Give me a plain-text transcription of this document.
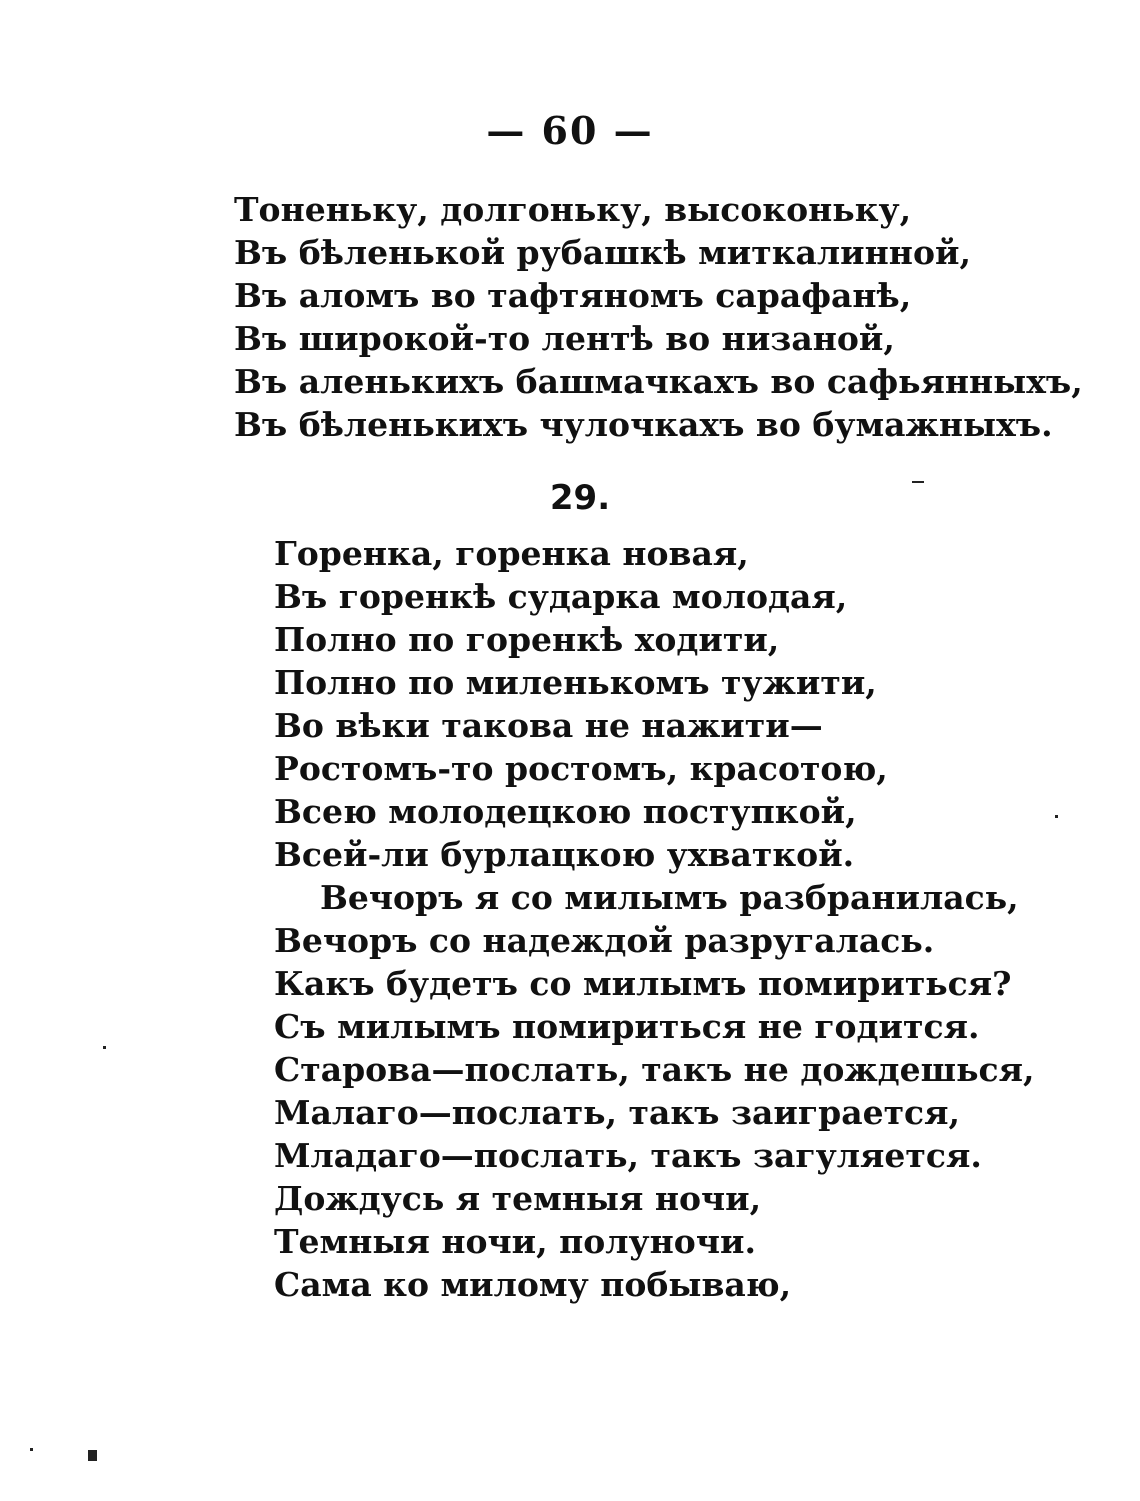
— 60 —
Тоненьку, долгоньку, высоконьку,
Въ бѣленькой рубашкѣ миткалинной,
Въ аломъ во тафтяномъ сарафанѣ,
Въ широкой-то лентѣ во низаной,
Въ аленькихъ башмачкахъ во сафьянныхъ,
Въ бѣленькихъ чулочкахъ во бумажныхъ.
29.
Горенка, горенка новая,
Въ горенкѣ сударка молодая,
Полно по горенкѣ ходити,
Полно по миленькомъ тужити,
Во вѣки такова не нажити—
Ростомъ-то ростомъ, красотою,
Всею молодецкою поступкой,
Всей-ли бурлацкою ухваткой.
Вечоръ я со милымъ разбранилась,
Вечоръ со надеждой разругалась.
Какъ будетъ со милымъ помириться?
Съ милымъ помириться не годится.
Старова—послать, такъ не дождешься,
Малаго—послать, такъ заиграется,
Младаго—послать, такъ загуляется.
Дождусь я темныя ночи,
Темныя ночи, полуночи.
Сама ко милому побываю,
